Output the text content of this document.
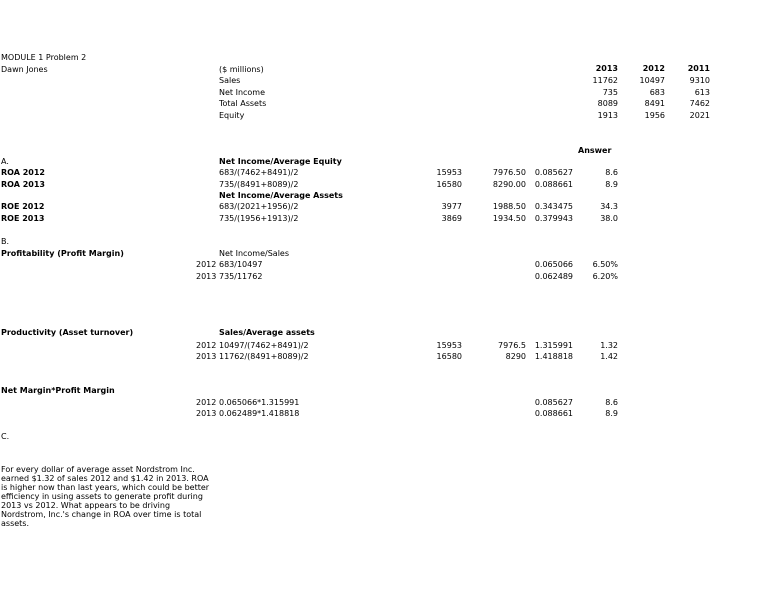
MODULE 1 Problem 2
Dawn Jones	($ millions)	2013	2012	2011
Sales	11762	10497	9310
Net Income	735	683	613
Total Assets	8089	8491	7462
Equity	1913	1956	2021
Answer
A.	Net Income/Average Equity
ROA 2012	683/(7462+8491)/2	15953	7976.50	0.085627	8.6
ROA 2013	735/(8491+8089)/2	16580	8290.00	0.088661	8.9
Net Income/Average Assets
ROE 2012	683/(2021+1956)/2	3977	1988.50	0.343475	34.3
ROE 2013	735/(1956+1913)/2	3869	1934.50	0.379943	38.0
B.
Profitability (Profit Margin)	Net Income/Sales
2012 683/10497	0.065066	6.50%
2013 735/11762	0.062489	6.20%
Productivity (Asset turnover)	Sales/Average assets
2012 10497/(7462+8491)/2	15953	7976.5	1.315991	1.32
2013 11762/(8491+8089)/2	16580	8290	1.418818	1.42
Net Margin*Profit Margin
2012 0.065066*1.315991	0.085627	8.6
2013 0.062489*1.418818	0.088661	8.9
C.
For every dollar of average asset Nordstrom Inc. earned $1.32 of sales 2012 and $1.42 in 2013. ROA is higher now than last years, which could be better efficiency in using assets to generate profit during 2013 vs 2012. What appears to be driving Nordstrom, Inc.'s change in ROA over time is total assets.
